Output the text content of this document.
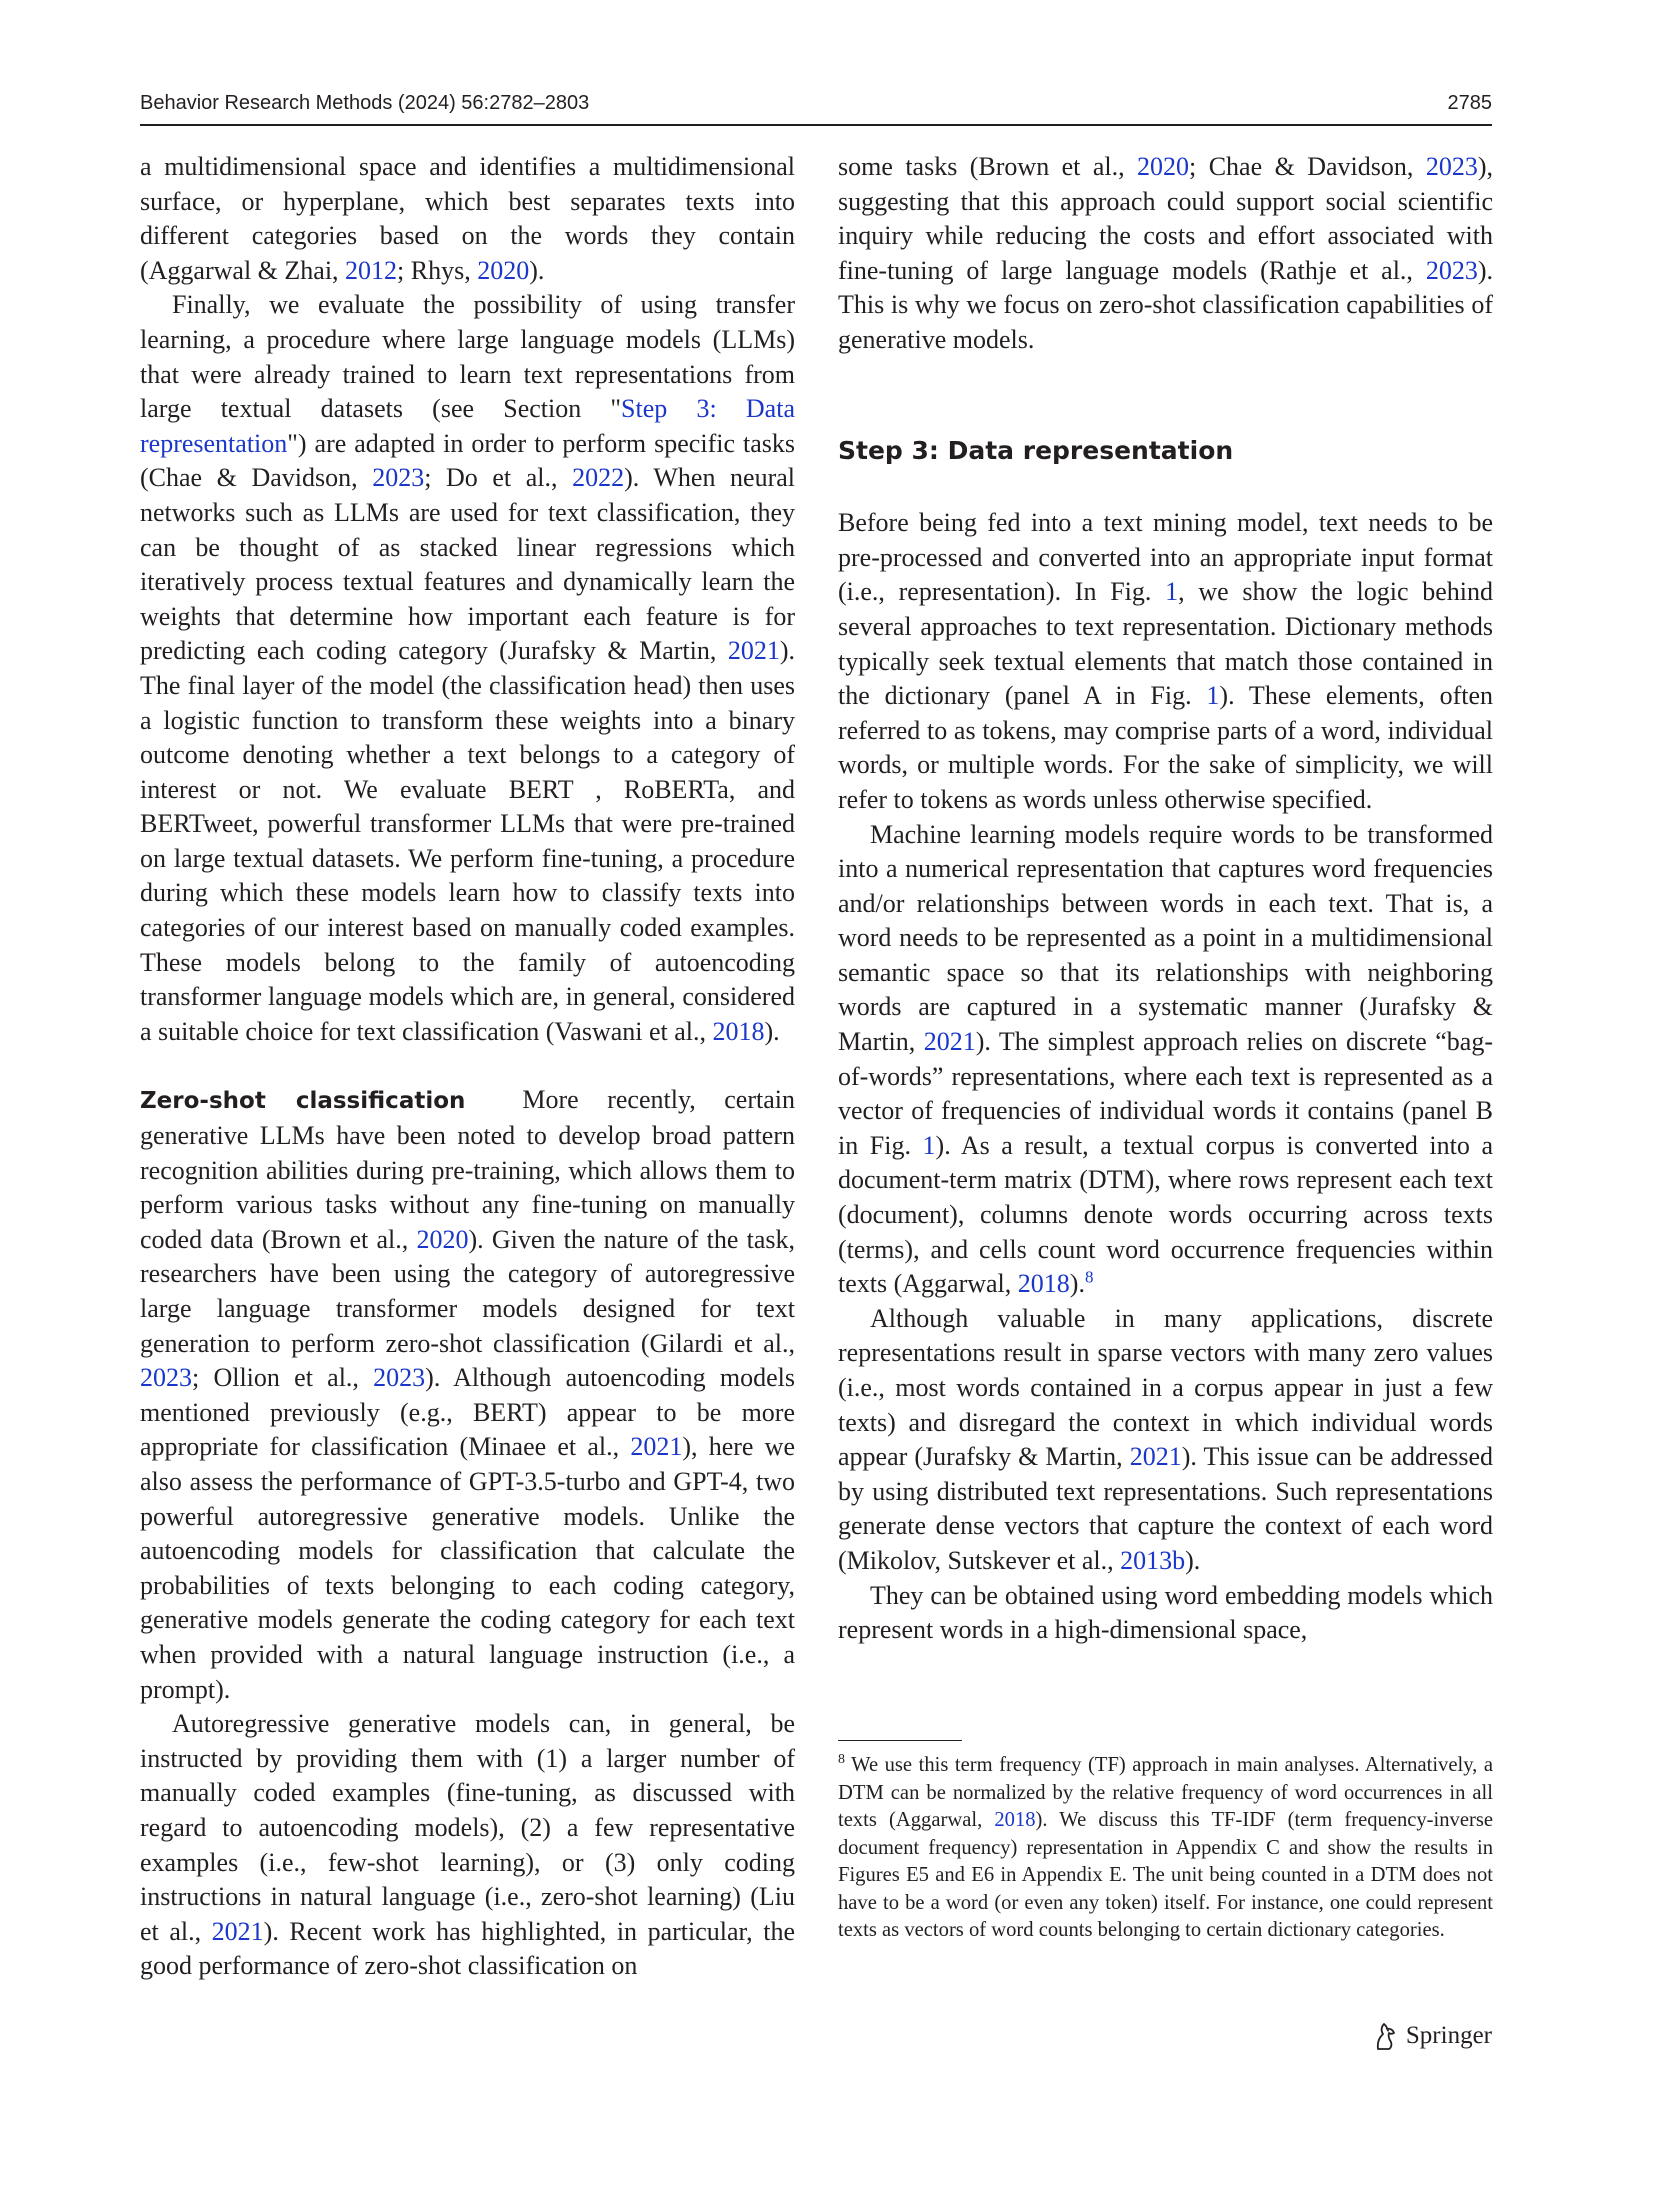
Behavior Research Methods (2024) 56:2782–2803	2785

a multidimensional space and identifies a multidimensional surface, or hyperplane, which best separates texts into different categories based on the words they contain (Aggarwal & Zhai, 2012; Rhys, 2020).

Finally, we evaluate the possibility of using transfer learning, a procedure where large language models (LLMs) that were already trained to learn text representations from large textual datasets (see Section "Step 3: Data representation") are adapted in order to perform specific tasks (Chae & Davidson, 2023; Do et al., 2022). When neural networks such as LLMs are used for text classification, they can be thought of as stacked linear regressions which iteratively process textual features and dynamically learn the weights that determine how important each feature is for predicting each coding category (Jurafsky & Martin, 2021). The final layer of the model (the classification head) then uses a logistic function to transform these weights into a binary outcome denoting whether a text belongs to a category of interest or not. We evaluate BERT , RoBERTa, and BERTweet, powerful transformer LLMs that were pre-trained on large textual datasets. We perform fine-tuning, a procedure during which these models learn how to classify texts into categories of our interest based on manually coded examples. These models belong to the family of autoencoding transformer language models which are, in general, considered a suitable choice for text classification (Vaswani et al., 2018).

Zero-shot classification More recently, certain generative LLMs have been noted to develop broad pattern recognition abilities during pre-training, which allows them to perform various tasks without any fine-tuning on manually coded data (Brown et al., 2020). Given the nature of the task, researchers have been using the category of autoregressive large language transformer models designed for text generation to perform zero-shot classification (Gilardi et al., 2023; Ollion et al., 2023). Although autoencoding models mentioned previously (e.g., BERT) appear to be more appropriate for classification (Minaee et al., 2021), here we also assess the performance of GPT-3.5-turbo and GPT-4, two powerful autoregressive generative models. Unlike the autoencoding models for classification that calculate the probabilities of texts belonging to each coding category, generative models generate the coding category for each text when provided with a natural language instruction (i.e., a prompt).

Autoregressive generative models can, in general, be instructed by providing them with (1) a larger number of manually coded examples (fine-tuning, as discussed with regard to autoencoding models), (2) a few representative examples (i.e., few-shot learning), or (3) only coding instructions in natural language (i.e., zero-shot learning) (Liu et al., 2021). Recent work has highlighted, in particular, the good performance of zero-shot classification on

some tasks (Brown et al., 2020; Chae & Davidson, 2023), suggesting that this approach could support social scientific inquiry while reducing the costs and effort associated with fine-tuning of large language models (Rathje et al., 2023). This is why we focus on zero-shot classification capabilities of generative models.

Step 3: Data representation

Before being fed into a text mining model, text needs to be pre-processed and converted into an appropriate input format (i.e., representation). In Fig. 1, we show the logic behind several approaches to text representation. Dictionary methods typically seek textual elements that match those contained in the dictionary (panel A in Fig. 1). These elements, often referred to as tokens, may comprise parts of a word, individual words, or multiple words. For the sake of simplicity, we will refer to tokens as words unless otherwise specified.

Machine learning models require words to be transformed into a numerical representation that captures word frequencies and/or relationships between words in each text. That is, a word needs to be represented as a point in a multidimensional semantic space so that its relationships with neighboring words are captured in a systematic manner (Jurafsky & Martin, 2021). The simplest approach relies on discrete “bag-of-words” representations, where each text is represented as a vector of frequencies of individual words it contains (panel B in Fig. 1). As a result, a textual corpus is converted into a document-term matrix (DTM), where rows represent each text (document), columns denote words occurring across texts (terms), and cells count word occurrence frequencies within texts (Aggarwal, 2018).$^8$

Although valuable in many applications, discrete representations result in sparse vectors with many zero values (i.e., most words contained in a corpus appear in just a few texts) and disregard the context in which individual words appear (Jurafsky & Martin, 2021). This issue can be addressed by using distributed text representations. Such representations generate dense vectors that capture the context of each word (Mikolov, Sutskever et al., 2013b).

They can be obtained using word embedding models which represent words in a high-dimensional space,

$^8$ We use this term frequency (TF) approach in main analyses. Alternatively, a DTM can be normalized by the relative frequency of word occurrences in all texts (Aggarwal, 2018). We discuss this TF-IDF (term frequency-inverse document frequency) representation in Appendix C and show the results in Figures E5 and E6 in Appendix E. The unit being counted in a DTM does not have to be a word (or even any token) itself. For instance, one could represent texts as vectors of word counts belonging to certain dictionary categories.
Springer
